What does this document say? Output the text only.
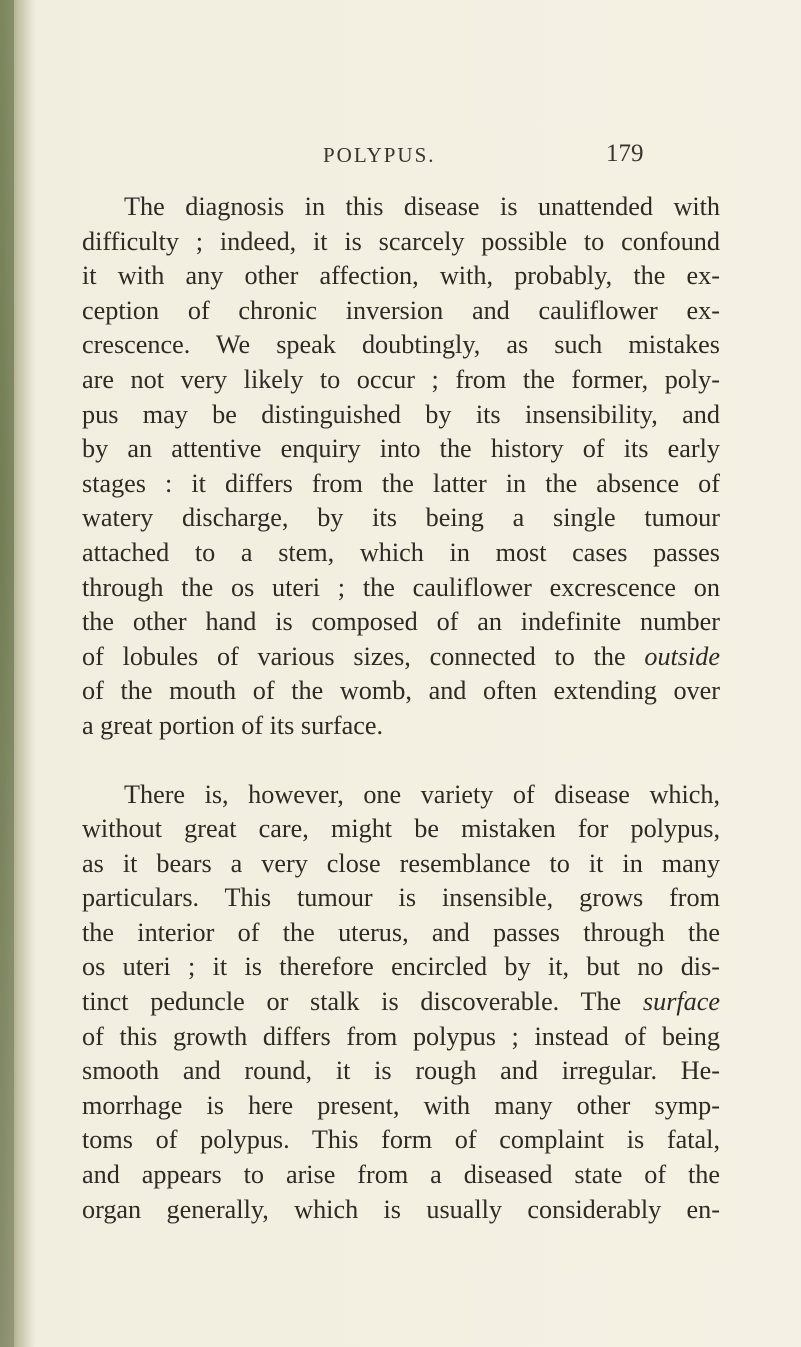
POLYPUS.	179
The diagnosis in this disease is unattended with
difficulty ; indeed, it is scarcely possible to confound
it with any other affection, with, probably, the ex-
ception of chronic inversion and cauliflower ex-
crescence. We speak doubtingly, as such mistakes
are not very likely to occur ; from the former, poly-
pus may be distinguished by its insensibility, and
by an attentive enquiry into the history of its early
stages : it differs from the latter in the absence of
watery discharge, by its being a single tumour
attached to a stem, which in most cases passes
through the os uteri ; the cauliflower excrescence on
the other hand is composed of an indefinite number
of lobules of various sizes, connected to the outside
of the mouth of the womb, and often extending over
a great portion of its surface.
There is, however, one variety of disease which,
without great care, might be mistaken for polypus,
as it bears a very close resemblance to it in many
particulars. This tumour is insensible, grows from
the interior of the uterus, and passes through the
os uteri ; it is therefore encircled by it, but no dis-
tinct peduncle or stalk is discoverable. The surface
of this growth differs from polypus ; instead of being
smooth and round, it is rough and irregular. He-
morrhage is here present, with many other symp-
toms of polypus. This form of complaint is fatal,
and appears to arise from a diseased state of the
organ generally, which is usually considerably en-
